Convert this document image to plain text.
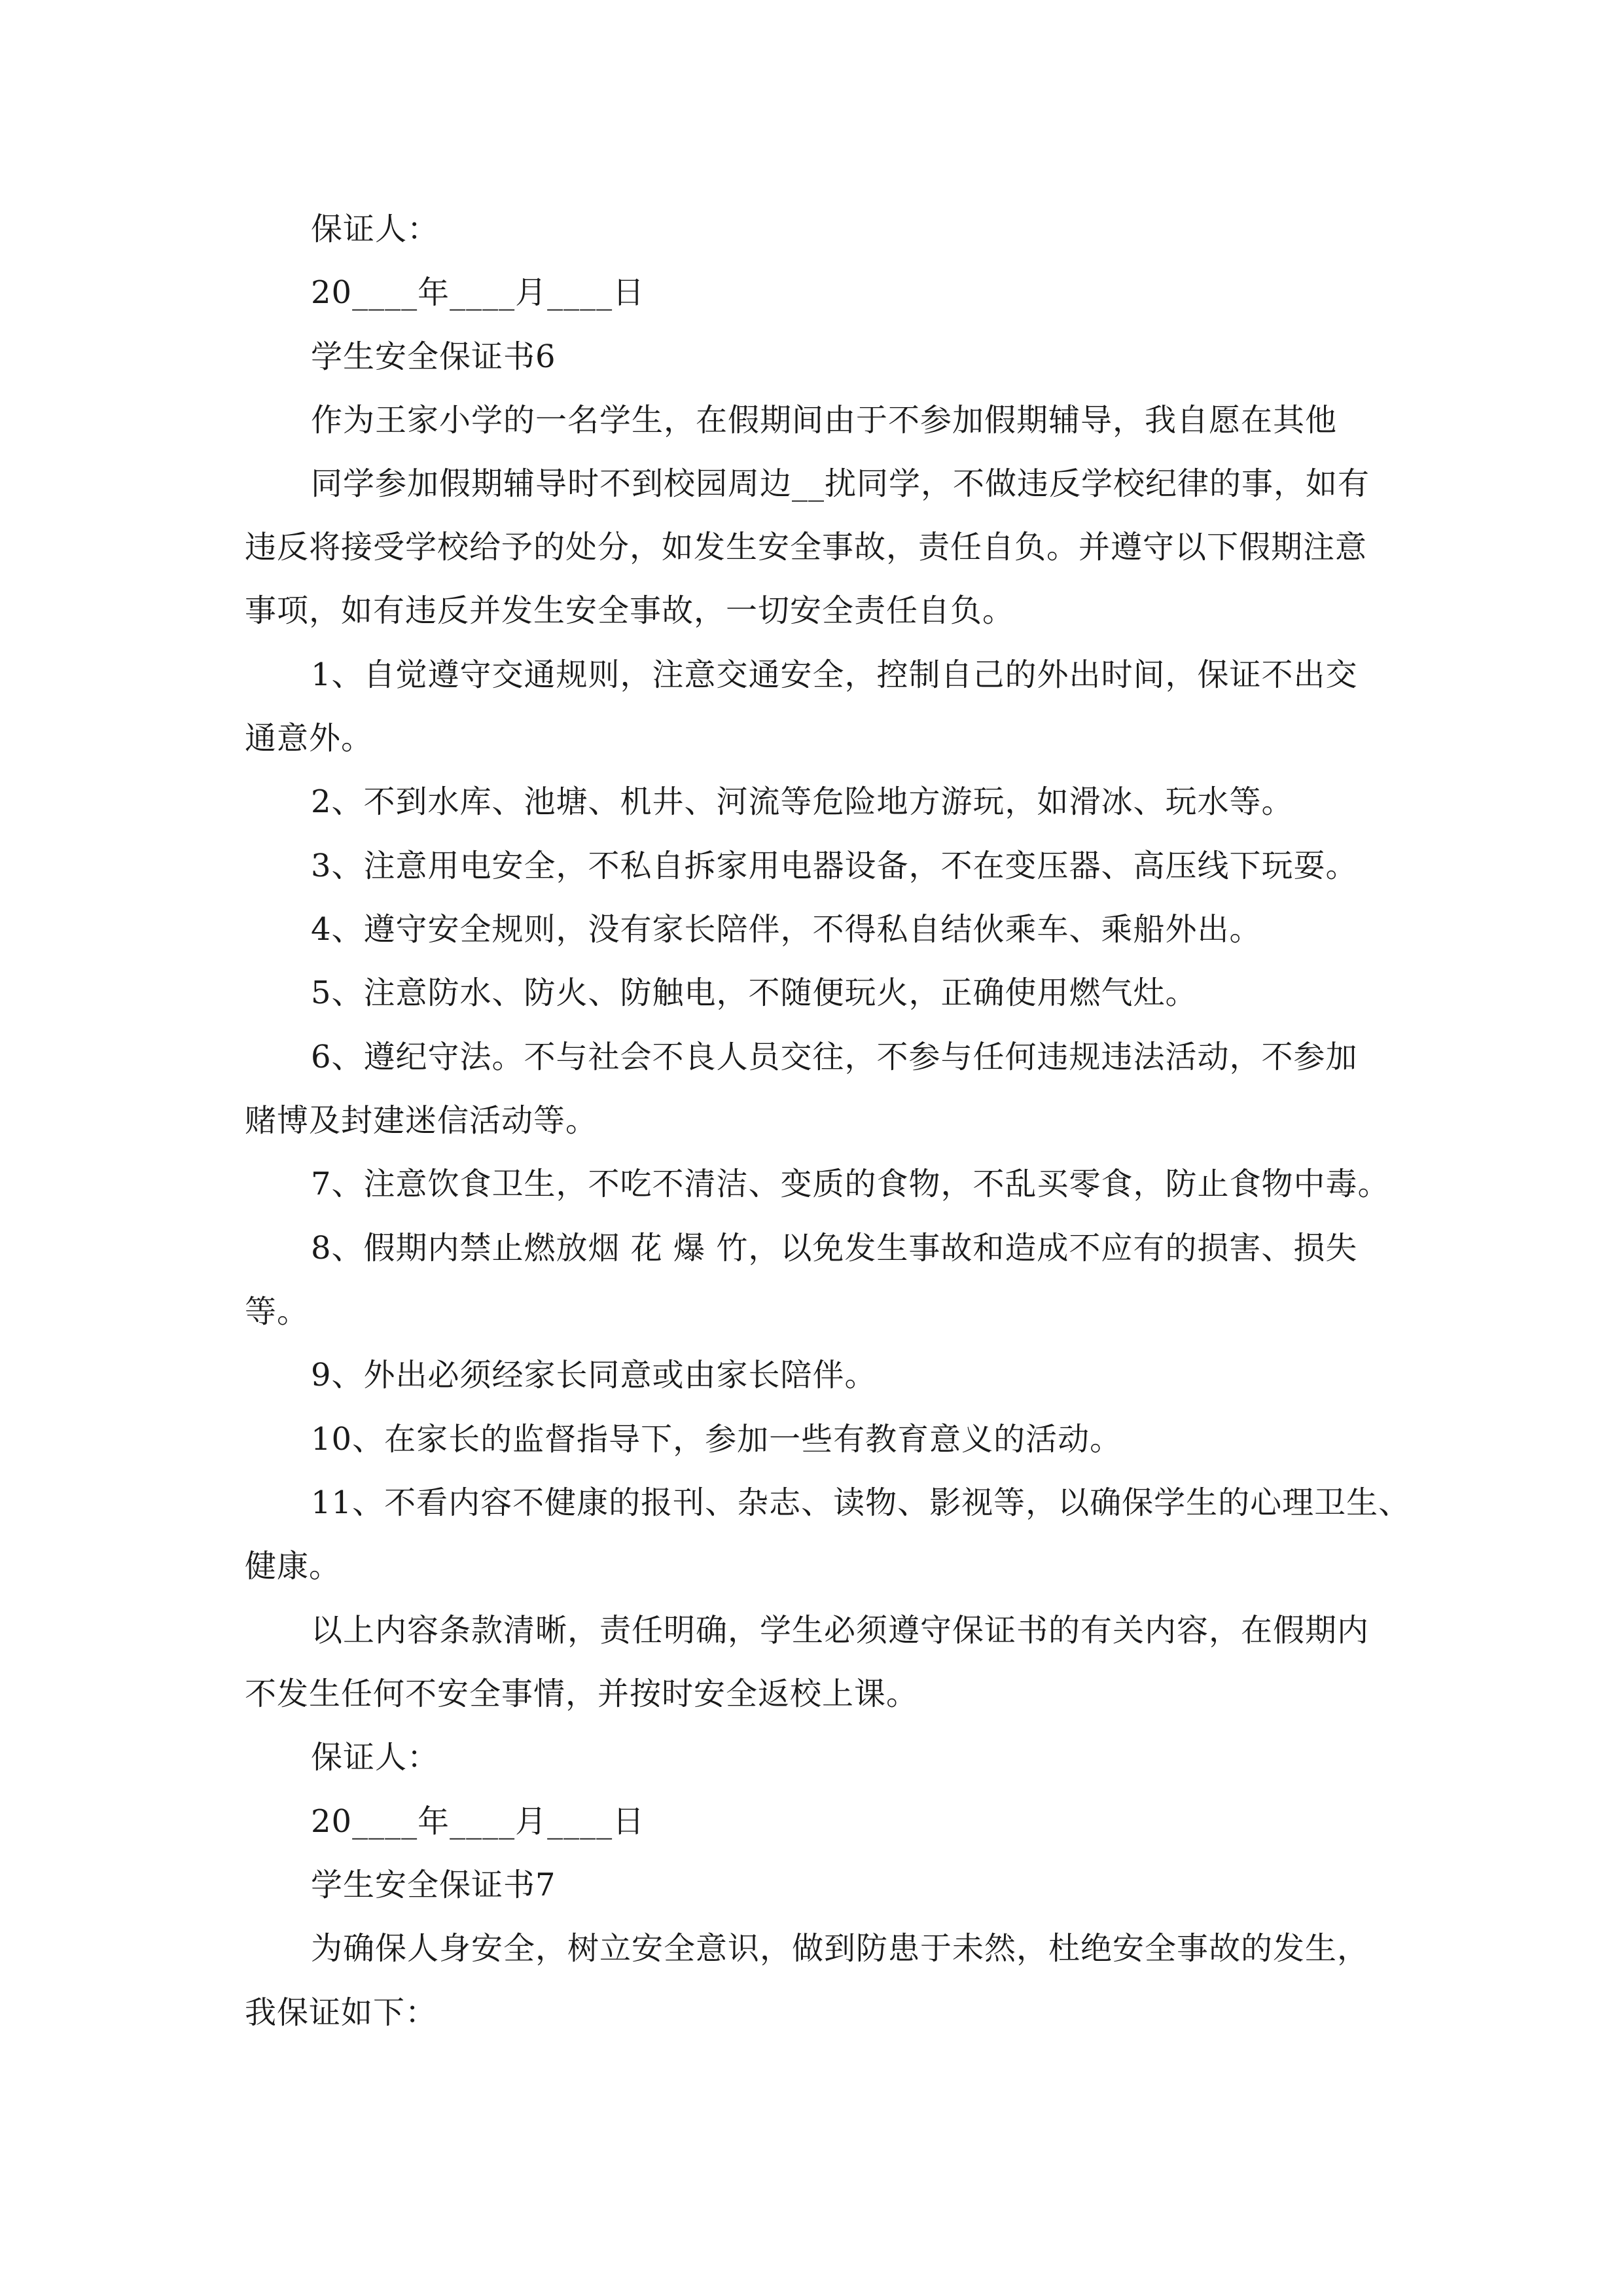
保证人：
20____年____月____日
学生安全保证书6
作为王家小学的一名学生，在假期间由于不参加假期辅导，我自愿在其他
同学参加假期辅导时不到校园周边__扰同学，不做违反学校纪律的事，如有
违反将接受学校给予的处分，如发生安全事故，责任自负。并遵守以下假期注意
事项，如有违反并发生安全事故，一切安全责任自负。
1、自觉遵守交通规则，注意交通安全，控制自己的外出时间，保证不出交
通意外。
2、不到水库、池塘、机井、河流等危险地方游玩，如滑冰、玩水等。
3、注意用电安全，不私自拆家用电器设备，不在变压器、高压线下玩耍。
4、遵守安全规则，没有家长陪伴，不得私自结伙乘车、乘船外出。
5、注意防水、防火、防触电，不随便玩火，正确使用燃气灶。
6、遵纪守法。不与社会不良人员交往，不参与任何违规违法活动，不参加
赌博及封建迷信活动等。
7、注意饮食卫生，不吃不清洁、变质的食物，不乱买零食，防止食物中毒。
8、假期内禁止燃放烟 花 爆 竹，以免发生事故和造成不应有的损害、损失
等。
9、外出必须经家长同意或由家长陪伴。
10、在家长的监督指导下，参加一些有教育意义的活动。
11、不看内容不健康的报刊、杂志、读物、影视等，以确保学生的心理卫生、
健康。
以上内容条款清晰，责任明确，学生必须遵守保证书的有关内容，在假期内
不发生任何不安全事情，并按时安全返校上课。
保证人：
20____年____月____日
学生安全保证书7
为确保人身安全，树立安全意识，做到防患于未然，杜绝安全事故的发生，
我保证如下：
